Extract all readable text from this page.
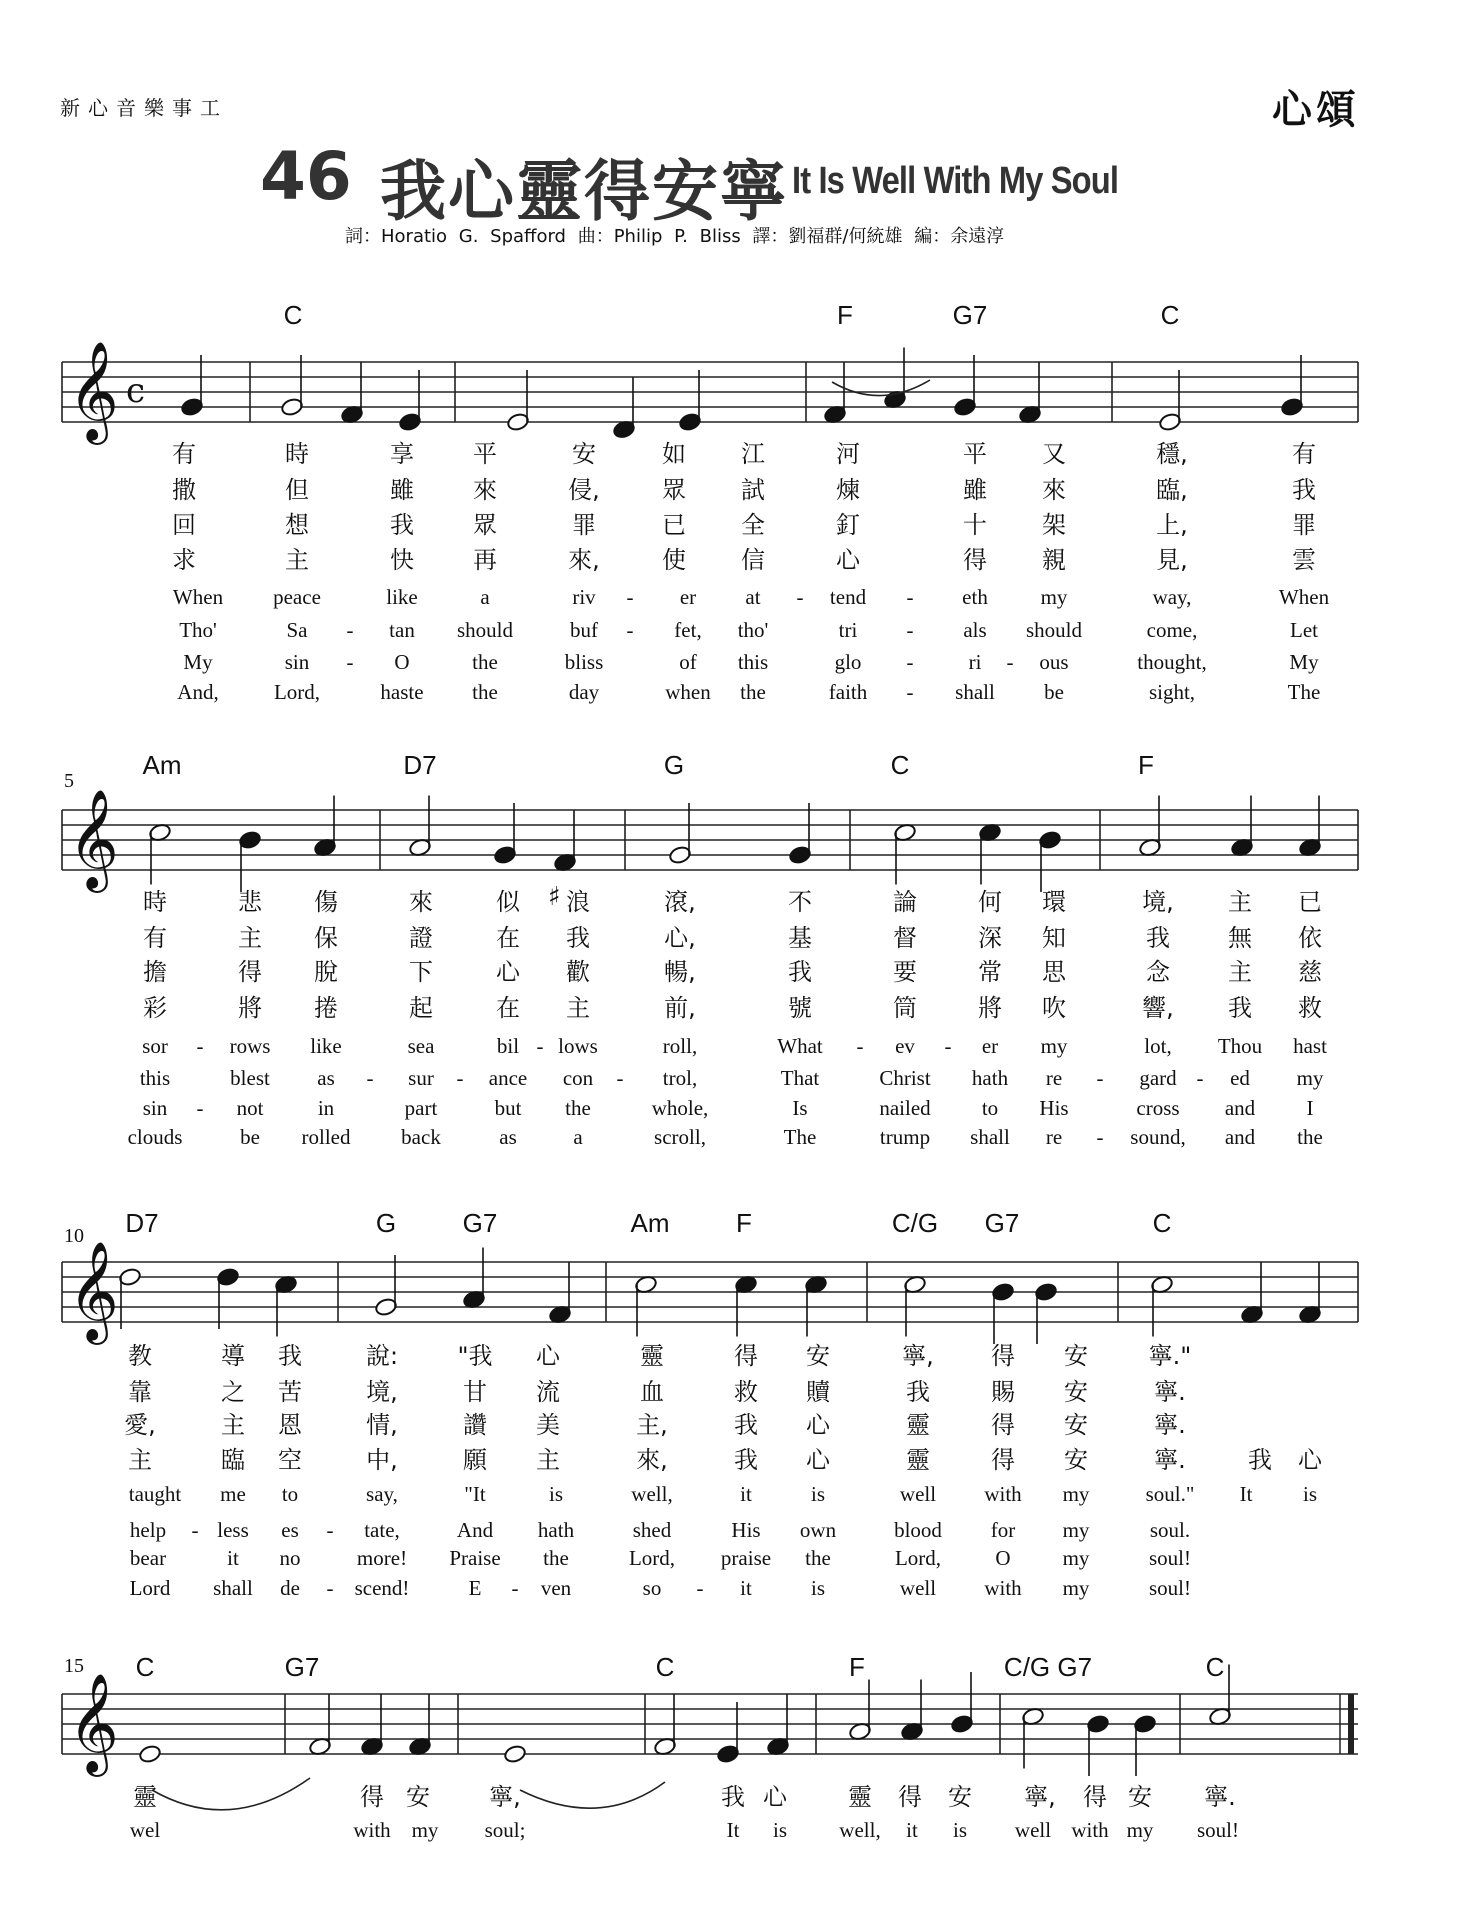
新心音樂事工	心頌
46 我心靈得安寧 It Is Well With My Soul
詞：Horatio G. Spafford 曲：Philip P. Bliss 譯：劉福群/何統雄 編：余遠淳
𝄞 c
𝄞
♯
𝄞
𝄞
C	F	G7	C
有	時	享 平	安	如 江	河	平 又	穩,	有
撒	但	雖 來	侵,	眾 試	煉	雖 來	臨,	我
回	想	我 眾	罪	已 全	釘	十 架	上,	罪
求	主	快 再	來,	使 信	心	得 親	見,	雲
When peace	like	a	riv - er at - tend - eth	my	way,	When
Tho'	Sa - tan should	buf - fet, tho'	tri - als should	come,	Let
My	sin - O	the	bliss	of this	glo -	ri - ous	thought,	My
And,	Lord,	haste the	day	when the	faith - shall be	sight,	The
Am	D7	G	C	F
5
時	悲 傷	來	似 浪	滾,	不	論	何 環	境, 主 已
有	主 保	證	在 我	心,	基	督	深 知	我 無 依
擔	得 脫	下	心 歡	暢,	我	要	常 思	念 主 慈
彩	將 捲	起	在 主	前,	號	筒	將 吹	響, 我 救
sor - rows like	sea	bil - lows	roll,	What - ev - er my	lot, Thou hast
this	blest as - sur - ance con - trol,	That	Christ hath re - gard - ed my
sin - not	in	part	but the	whole,	Is	nailed to His	cross and I
clouds	be rolled back	as	a	scroll,	The	trump shall re - sound, and the
D7	G	G7	Am	F	C/G G7	C
10
教	導 我	說: "我 心	靈	得 安	寧, 得 安	寧."
靠	之 苦	境,	甘 流	血	救 贖	我	賜 安	寧.
愛,	主 恩	情,	讚 美	主,	我 心	靈	得 安	寧.
主	臨 空	中,	願 主	來,	我 心	靈	得 安	寧.	我 心
taught me to	say,	"It	is	well,	it	is	well with my	soul." It is
help - less es - tate,	And hath	shed	His own	blood for my	soul.
bear	it no	more! Praise the	Lord, praise the	Lord,	O my	soul!
Lord shall de - scend!	E - ven	so - it	is	well with my	soul!
C	G7	C	F	C/G G7	C
15
靈	得 安 寧,	我 心	靈 得 安 寧, 得 安 寧.
wel	with my soul;	It is well, it is well with my soul!
